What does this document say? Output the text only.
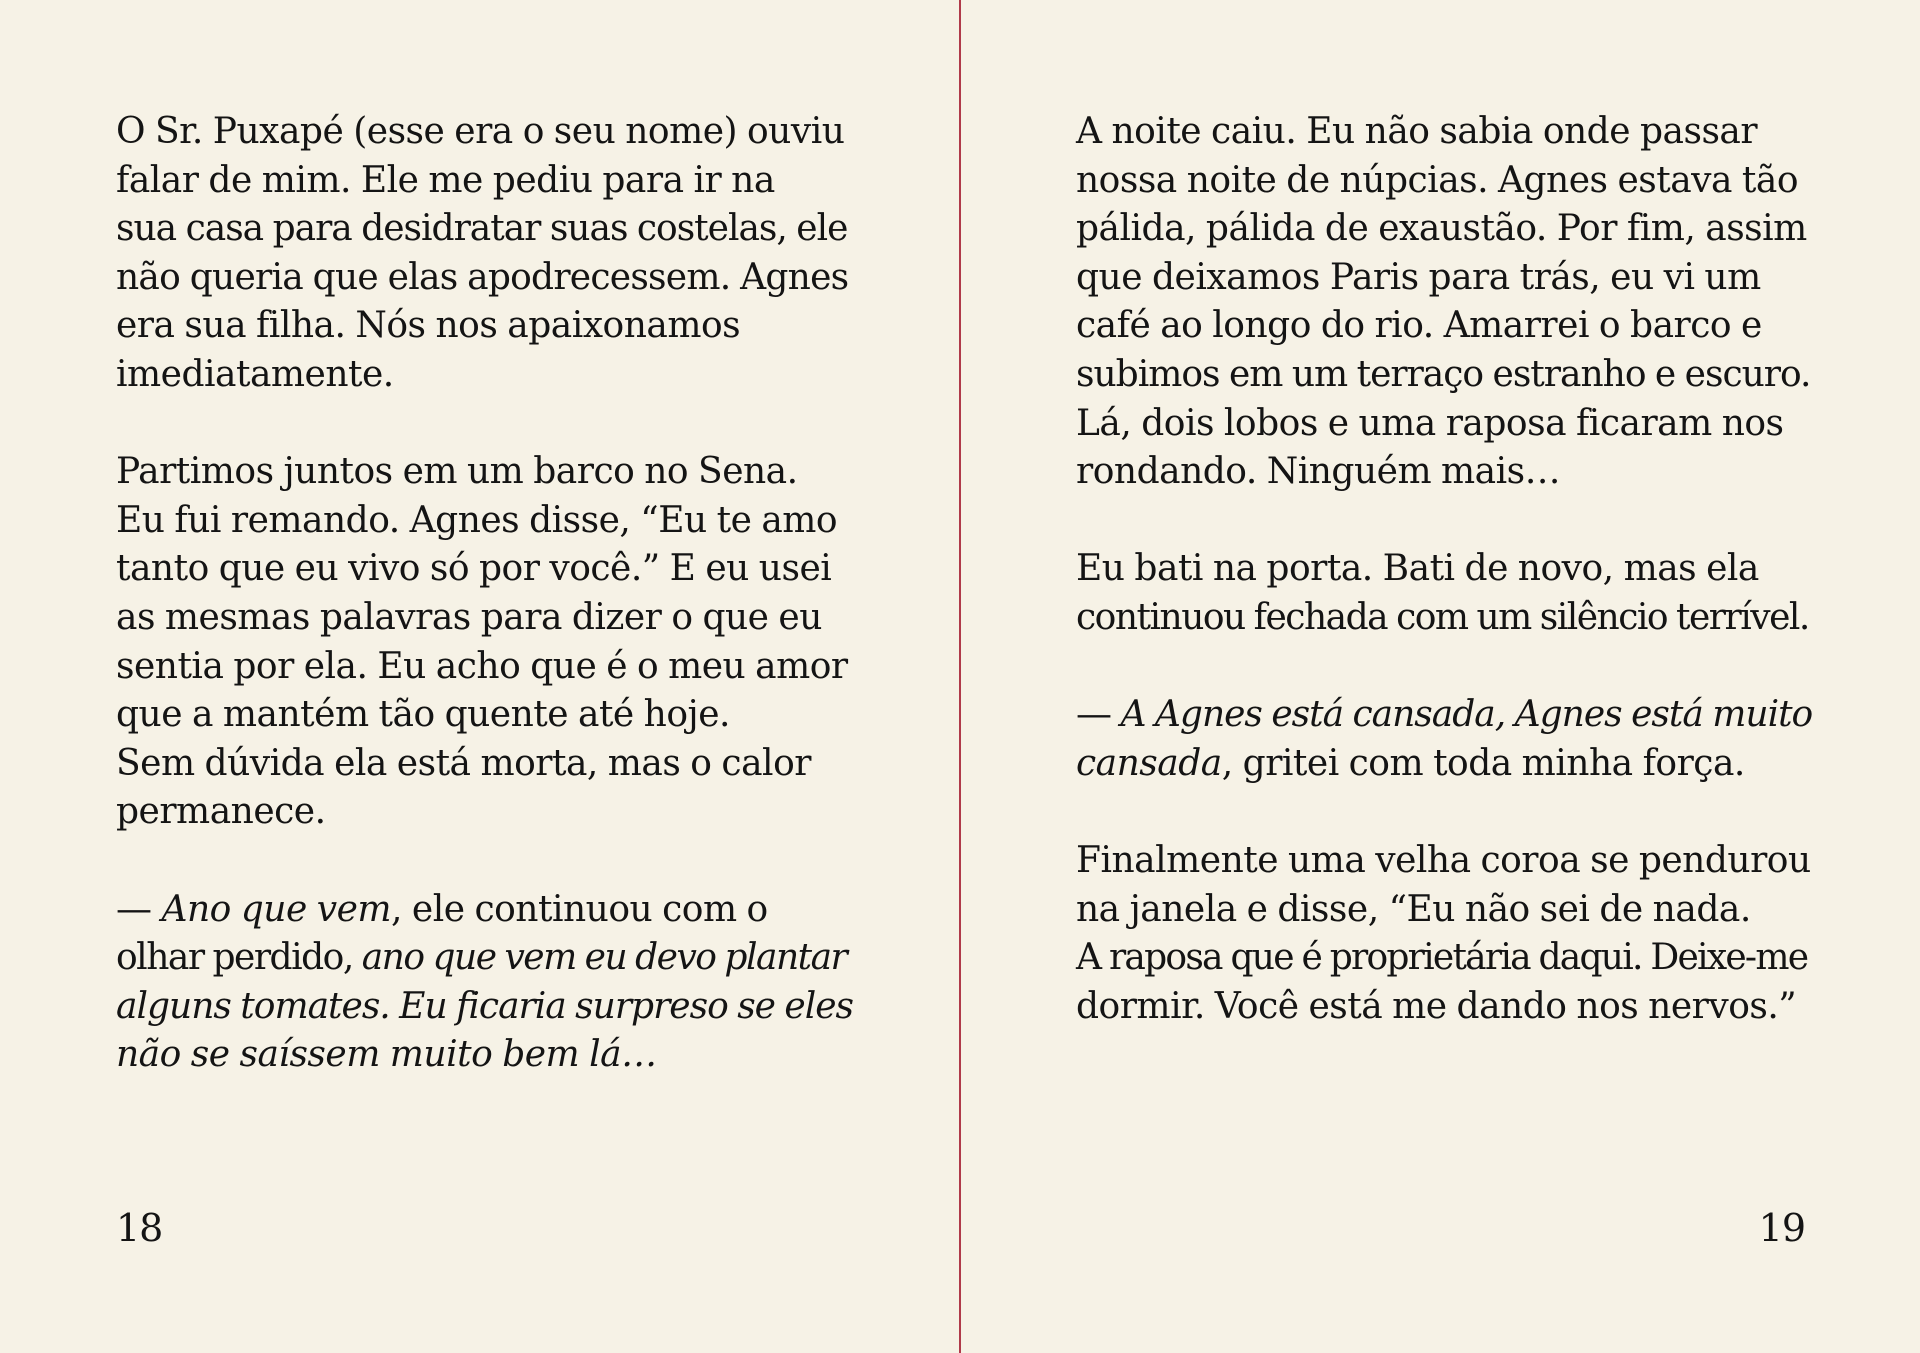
O Sr. Puxapé (esse era o seu nome) ouviu
falar de mim. Ele me pediu para ir na
sua casa para desidratar suas costelas, ele
não queria que elas apodrecessem. Agnes
era sua filha. Nós nos apaixonamos
imediatamente.

Partimos juntos em um barco no Sena.
Eu fui remando. Agnes disse, “Eu te amo
tanto que eu vivo só por você.” E eu usei
as mesmas palavras para dizer o que eu
sentia por ela. Eu acho que é o meu amor
que a mantém tão quente até hoje.
Sem dúvida ela está morta, mas o calor
permanece.

— Ano que vem, ele continuou com o
olhar perdido, ano que vem eu devo plantar
alguns tomates. Eu ficaria surpreso se eles
não se saíssem muito bem lá…

18

A noite caiu. Eu não sabia onde passar
nossa noite de núpcias. Agnes estava tão
pálida, pálida de exaustão. Por fim, assim
que deixamos Paris para trás, eu vi um
café ao longo do rio. Amarrei o barco e
subimos em um terraço estranho e escuro.
Lá, dois lobos e uma raposa ficaram nos
rondando. Ninguém mais…

Eu bati na porta. Bati de novo, mas ela
continuou fechada com um silêncio terrível.

— A Agnes está cansada, Agnes está muito
cansada, gritei com toda minha força.

Finalmente uma velha coroa se pendurou
na janela e disse, “Eu não sei de nada.
A raposa que é proprietária daqui. Deixe-me
dormir. Você está me dando nos nervos.”

19
